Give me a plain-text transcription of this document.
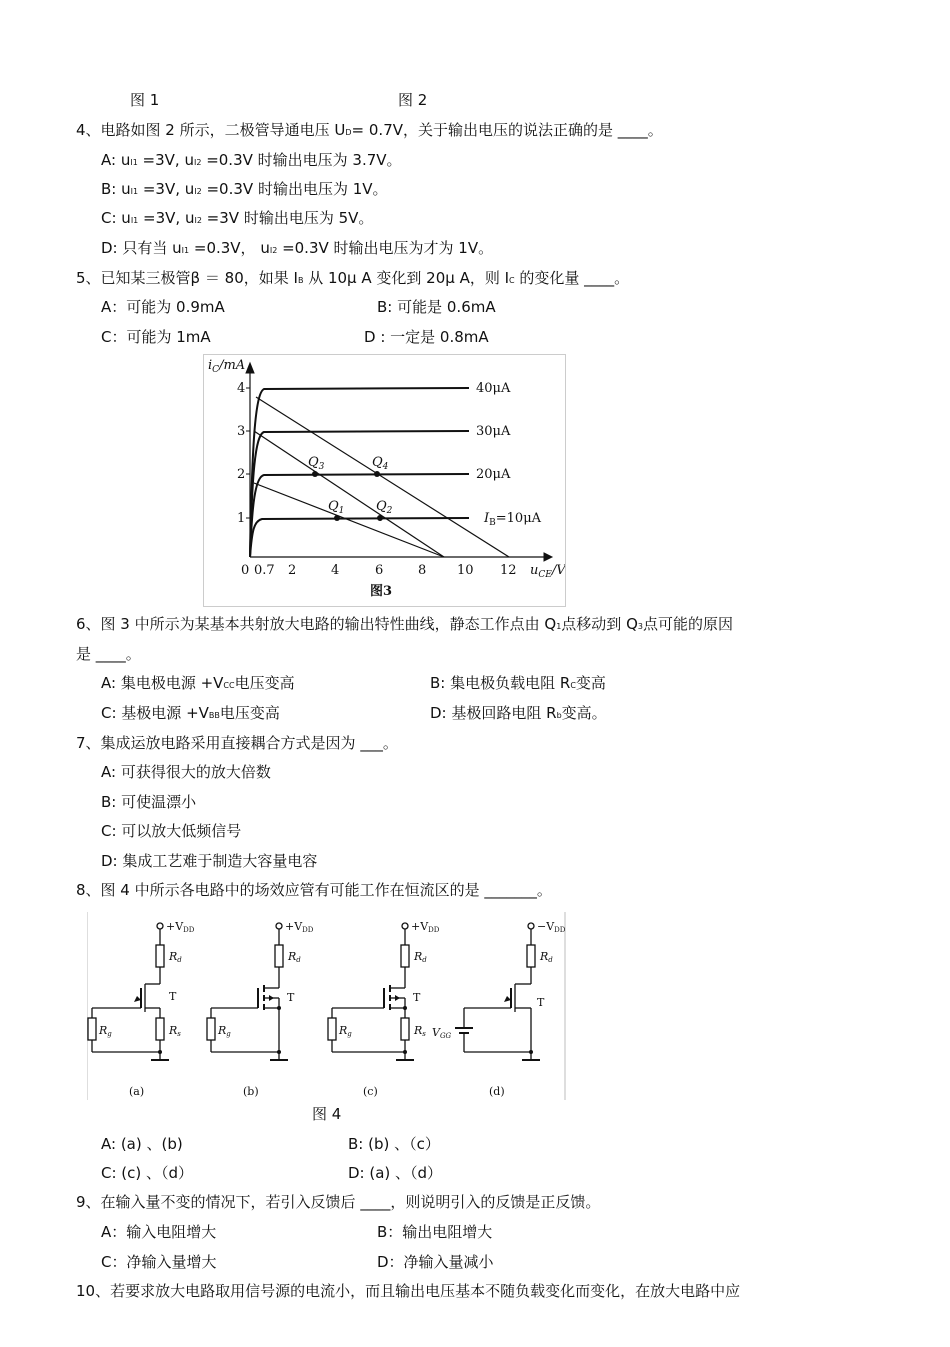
图 1	图 2
4、电路如图 2 所示，二极管导通电压 UD= 0.7V，关于输出电压的说法正确的是 ____。
A: uI1 =3V, uI2 =0.3V 时输出电压为 3.7V。
B: uI1 =3V, uI2 =0.3V 时输出电压为 1V。
C: uI1 =3V, uI2 =3V 时输出电压为 5V。
D: 只有当 uI1 =0.3V， uI2 =0.3V 时输出电压为才为 1V。
5、已知某三极管β ＝ 80，如果 IB 从 10μ A 变化到 20μ A，则 IC 的变化量 ____。
A：可能为 0.9mA	B: 可能是 0.6mA
C：可能为 1mA	D : 一定是 0.8mA
$i_C/mA$
1
2
3
4
0 0.7 2	4	6	8 10 12 $u_{CE}/V$
$I_B=10\mu A$
20μA
30μA
40μA
$Q_1$ $Q_2$
$Q_3$	$Q_4$
图3
6、图 3 中所示为某基本共射放大电路的输出特性曲线，静态工作点由 Q1点移动到 Q3点可能的原因
是 ____。
A: 集电极电源 +VCC电压变高	B: 集电极负载电阻 RC变高
C: 基极电源 +VBB电压变高	D: 基极回路电阻 Rb变高。
7、集成运放电路采用直接耦合方式是因为 ___。
A: 可获得很大的放大倍数
B: 可使温漂小
C: 可以放大低频信号
D: 集成工艺难于制造大容量电容
8、图 4 中所示各电路中的场效应管有可能工作在恒流区的是 _______。
+VDD	+VDD	+VDD	−VDD
Rd	Rd	Rd	Rd
T	T	T	T
Rg	Rg	Rg
Rs	Rs VGG
(a)	(b)	(c)	(d)
图 4
A: (a) 、(b)	B: (b) 、（c）
C: (c) 、（d）	D: (a) 、（d）
9、在输入量不变的情况下，若引入反馈后 ____，则说明引入的反馈是正反馈。
A：输入电阻增大	B：输出电阻增大
C：净输入量增大	D：净输入量减小
10、若要求放大电路取用信号源的电流小，而且输出电压基本不随负载变化而变化，在放大电路中应
